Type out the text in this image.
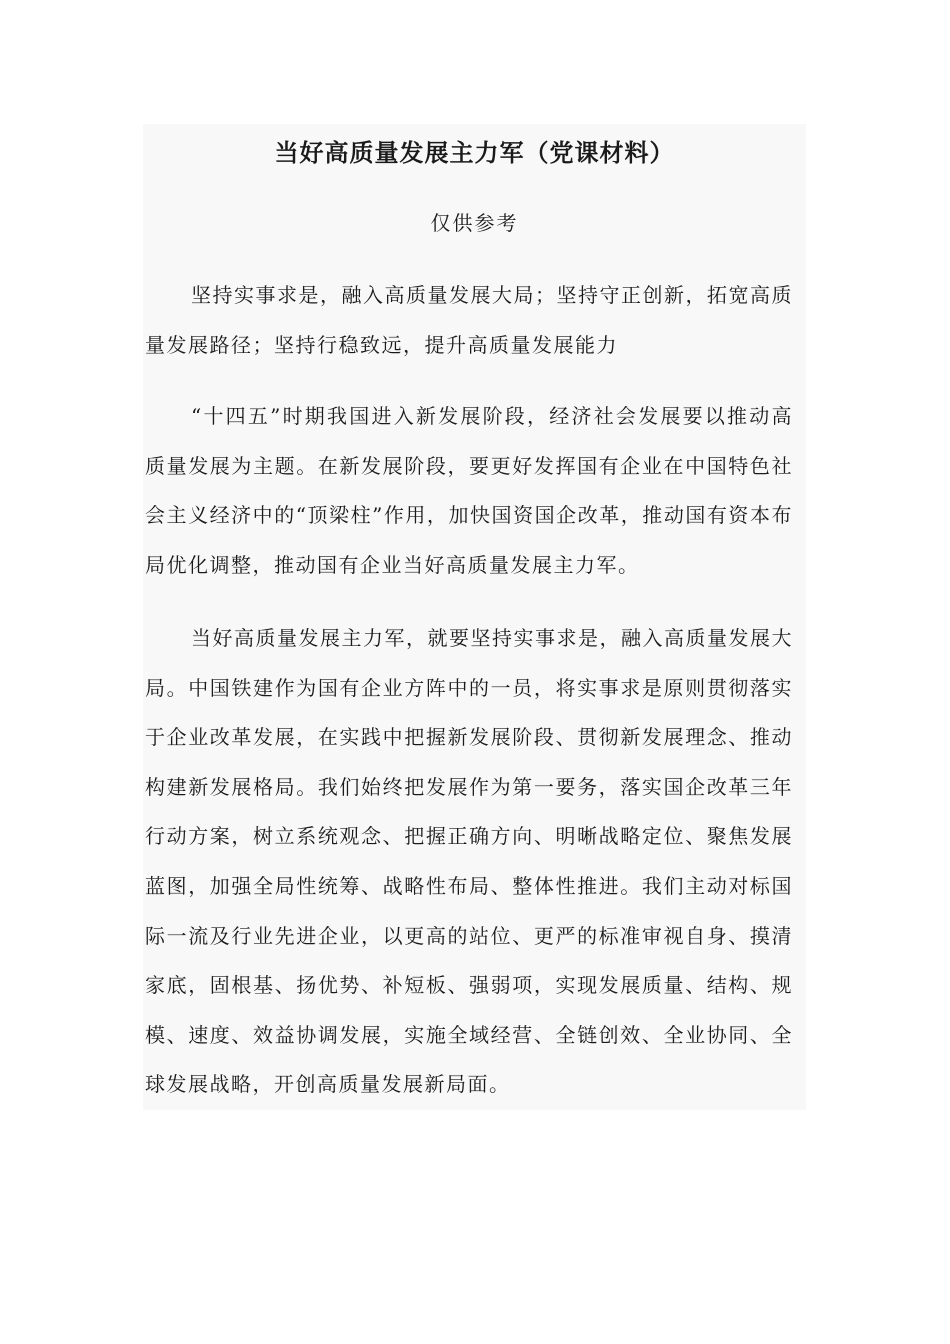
当好高质量发展主力军（党课材料）

仅供参考

坚持实事求是，融入高质量发展大局；坚持守正创新，拓宽高质量发展路径；坚持行稳致远，提升高质量发展能力

“十四五”时期我国进入新发展阶段，经济社会发展要以推动高质量发展为主题。在新发展阶段，要更好发挥国有企业在中国特色社会主义经济中的“顶梁柱”作用，加快国资国企改革，推动国有资本布局优化调整，推动国有企业当好高质量发展主力军。

当好高质量发展主力军，就要坚持实事求是，融入高质量发展大局。中国铁建作为国有企业方阵中的一员，将实事求是原则贯彻落实于企业改革发展，在实践中把握新发展阶段、贯彻新发展理念、推动构建新发展格局。我们始终把发展作为第一要务，落实国企改革三年行动方案，树立系统观念、把握正确方向、明晰战略定位、聚焦发展蓝图，加强全局性统筹、战略性布局、整体性推进。我们主动对标国际一流及行业先进企业，以更高的站位、更严的标准审视自身、摸清家底，固根基、扬优势、补短板、强弱项，实现发展质量、结构、规模、速度、效益协调发展，实施全域经营、全链创效、全业协同、全球发展战略，开创高质量发展新局面。
